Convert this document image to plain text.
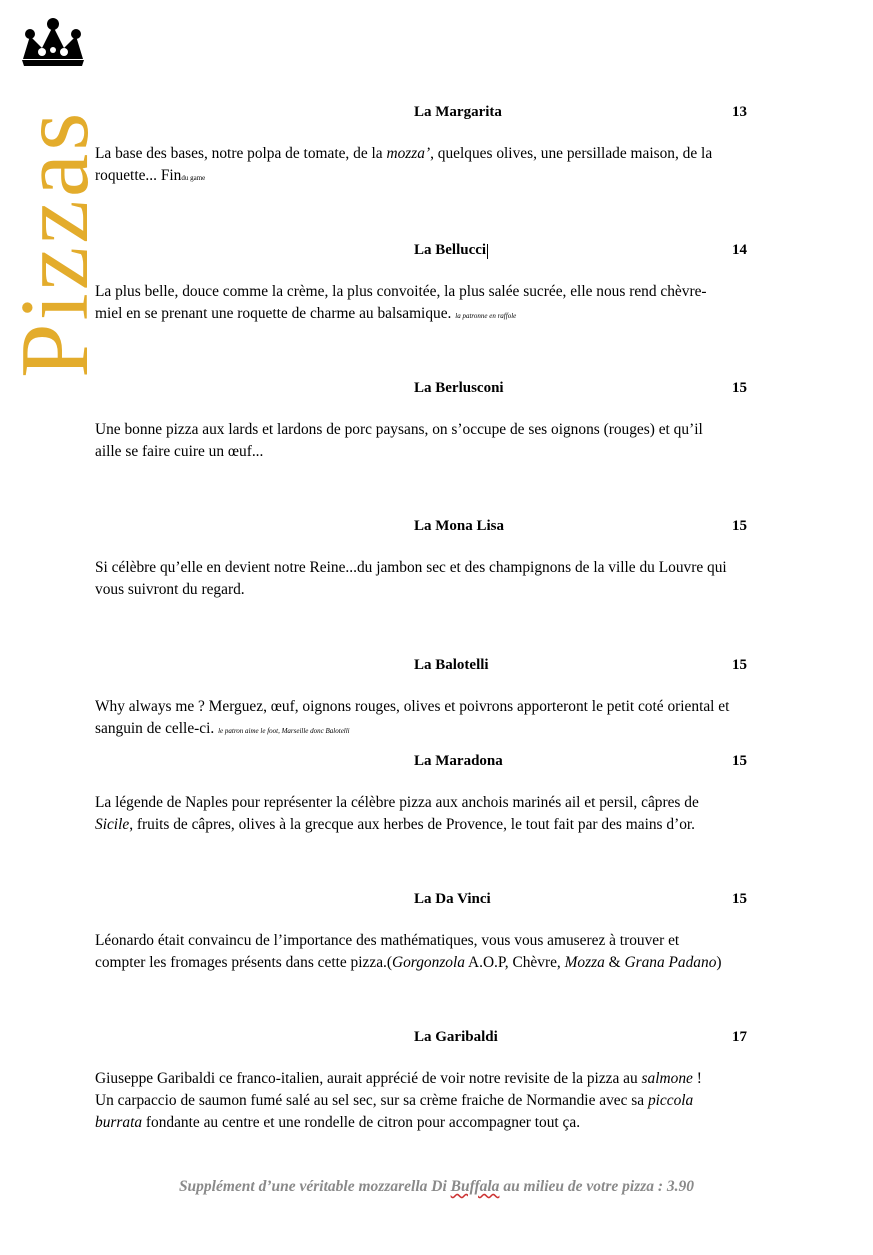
Pizzas	La Margarita	13
La base des bases, notre polpa de tomate, de la mozza’, quelques olives, une persillade maison, de la
roquette... Findu game
La Bellucci	14
La plus belle, douce comme la crème, la plus convoitée, la plus salée sucrée, elle nous rend chèvre-
miel en se prenant une roquette de charme au balsamique. la patronne en raffole
La Berlusconi	15
Une bonne pizza aux lards et lardons de porc paysans, on s’occupe de ses oignons (rouges) et qu’il
aille se faire cuire un œuf...
La Mona Lisa	15
Si célèbre qu’elle en devient notre Reine...du jambon sec et des champignons de la ville du Louvre qui
vous suivront du regard.
La Balotelli	15
Why always me ? Merguez, œuf, oignons rouges, olives et poivrons apporteront le petit coté oriental et
sanguin de celle-ci. le patron aime le foot, Marseille donc Balotelli
La Maradona	15
La légende de Naples pour représenter la célèbre pizza aux anchois marinés ail et persil, câpres de
Sicile, fruits de câpres, olives à la grecque aux herbes de Provence, le tout fait par des mains d’or.
La Da Vinci	15
Léonardo était convaincu de l’importance des mathématiques, vous vous amuserez à trouver et
compter les fromages présents dans cette pizza.(Gorgonzola A.O.P, Chèvre, Mozza & Grana Padano)
La Garibaldi	17
Giuseppe Garibaldi ce franco-italien, aurait apprécié de voir notre revisite de la pizza au salmone !
Un carpaccio de saumon fumé salé au sel sec, sur sa crème fraiche de Normandie avec sa piccola
burrata fondante au centre et une rondelle de citron pour accompagner tout ça.
Supplément d’une véritable mozzarella Di Buffala au milieu de votre pizza : 3.90
